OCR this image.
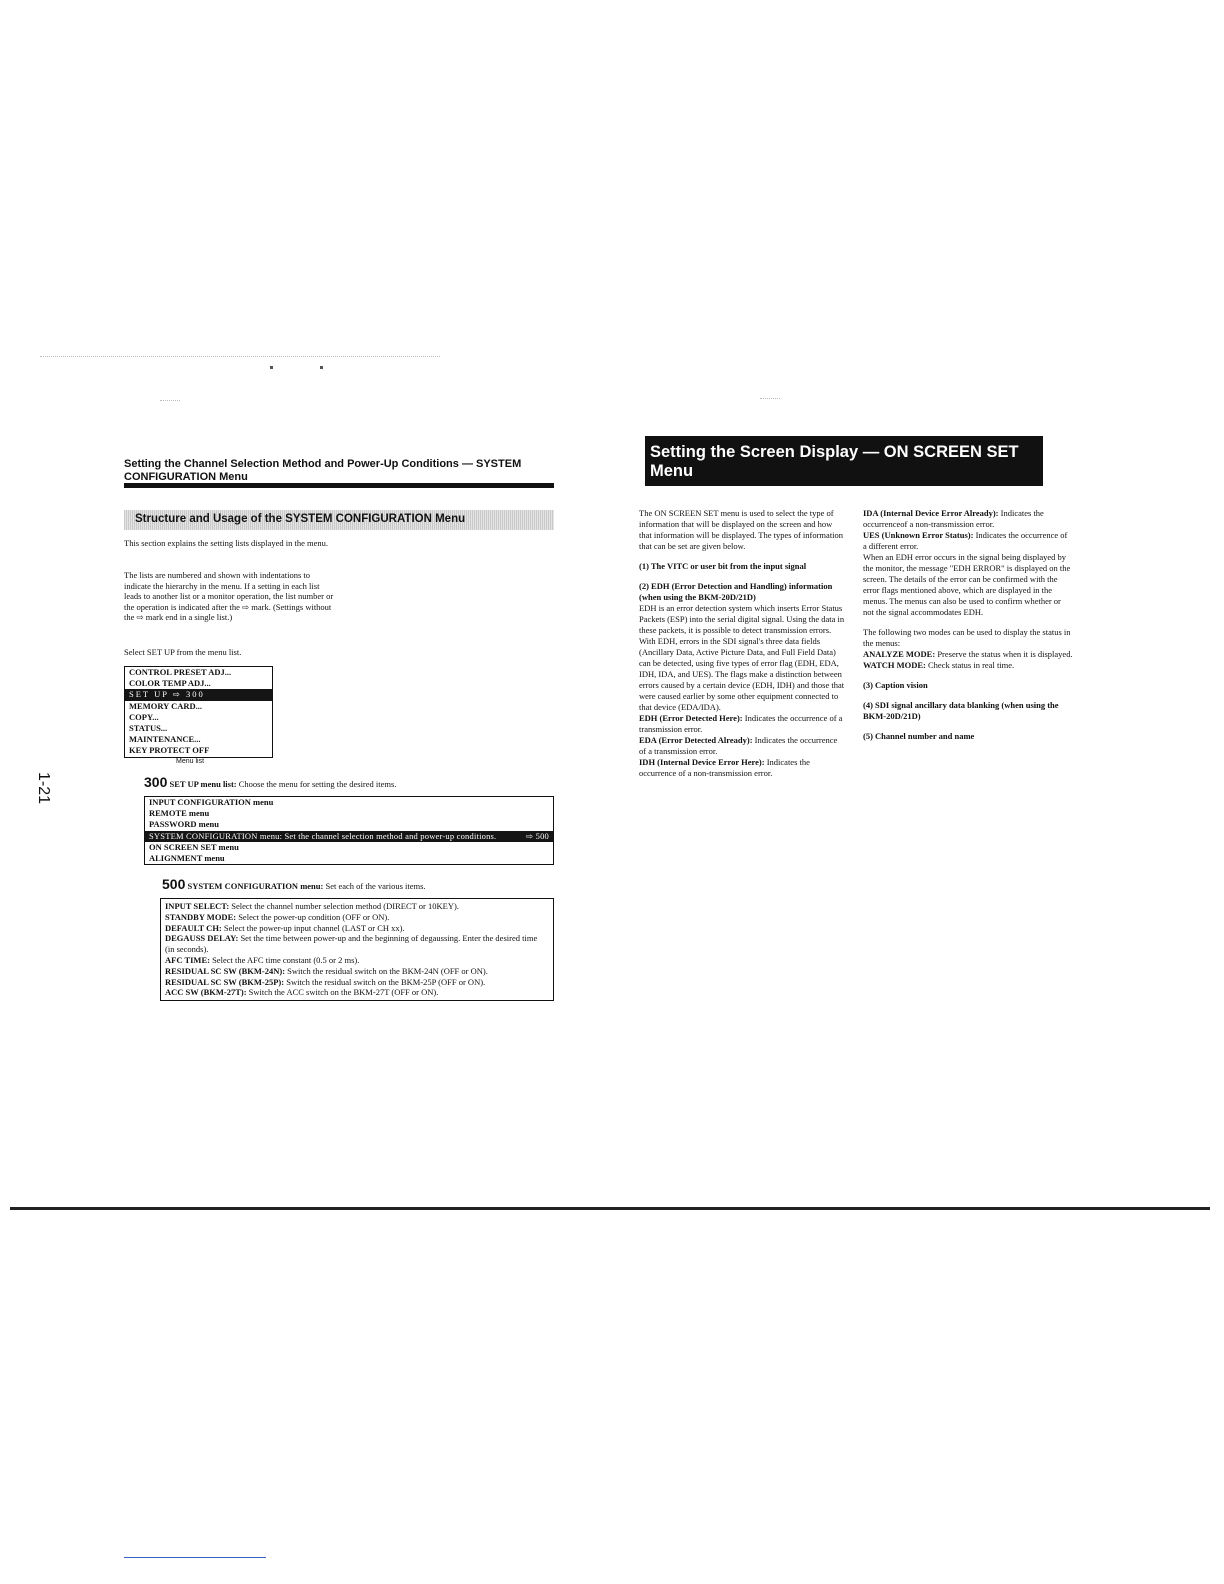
Setting the Channel Selection Method and Power-Up Conditions — SYSTEM CONFIGURATION Menu
Structure and Usage of the SYSTEM CONFIGURATION Menu
This section explains the setting lists displayed in the menu.
The lists are numbered and shown with indentations to indicate the hierarchy in the menu. If a setting in each list leads to another list or a monitor operation, the list number or the operation is indicated after the ⇨ mark. (Settings without the ⇨ mark end in a single list.)
Select SET UP from the menu list.
CONTROL PRESET ADJ...
COLOR TEMP ADJ...
SET UP ⇨ 300
MEMORY CARD...
COPY...
STATUS...
MAINTENANCE...
KEY PROTECT OFF
Menu list
300 SET UP menu list: Choose the menu for setting the desired items.
INPUT CONFIGURATION menu
REMOTE menu
PASSWORD menu
SYSTEM CONFIGURATION menu: Set the channel selection method and power-up conditions.	⇨ 500
ON SCREEN SET menu
ALIGNMENT menu
500 SYSTEM CONFIGURATION menu: Set each of the various items.
INPUT SELECT: Select the channel number selection method (DIRECT or 10KEY).
STANDBY MODE: Select the power-up condition (OFF or ON).
DEFAULT CH: Select the power-up input channel (LAST or CH xx).
DEGAUSS DELAY: Set the time between power-up and the beginning of degaussing. Enter the desired time (in seconds).
AFC TIME: Select the AFC time constant (0.5 or 2 ms).
RESIDUAL SC SW (BKM-24N): Switch the residual switch on the BKM-24N (OFF or ON).
RESIDUAL SC SW (BKM-25P): Switch the residual switch on the BKM-25P (OFF or ON).
ACC SW (BKM-27T): Switch the ACC switch on the BKM-27T (OFF or ON).
1-21
Setting the Screen Display — ON SCREEN SET
Menu

The ON SCREEN SET menu is used to select the type of information that will be displayed on the screen and how that information will be displayed. The types of information that can be set are given below.

(1) The VITC or user bit from the input signal

(2) EDH (Error Detection and Handling) information (when using the BKM-20D/21D)

EDH is an error detection system which inserts Error Status Packets (ESP) into the serial digital signal. Using the data in these packets, it is possible to detect transmission errors. With EDH, errors in the SDI signal's three data fields (Ancillary Data, Active Picture Data, and Full Field Data) can be detected, using five types of error flag (EDH, EDA, IDH, IDA, and UES). The flags make a distinction between errors caused by a certain device (EDH, IDH) and those that were caused earlier by some other equipment connected to that device (EDA/IDA).

EDH (Error Detected Here): Indicates the occurrence of a transmission error.
EDA (Error Detected Already): Indicates the occurrence of a transmission error.
IDH (Internal Device Error Here): Indicates the occurrence of a non-transmission error.
IDA (Internal Device Error Already): Indicates the occurrenceof a non-transmission error.
UES (Unknown Error Status): Indicates the occurrence of a different error.

When an EDH error occurs in the signal being displayed by the monitor, the message "EDH ERROR" is displayed on the screen. The details of the error can be confirmed with the error flags mentioned above, which are displayed in the menus. The menus can also be used to confirm whether or not the signal accommodates EDH.

The following two modes can be used to display the status in the menus:

ANALYZE MODE: Preserve the status when it is displayed.

WATCH MODE: Check status in real time.

(3) Caption vision

(4) SDI signal ancillary data blanking (when using the BKM-20D/21D)

(5) Channel number and name
